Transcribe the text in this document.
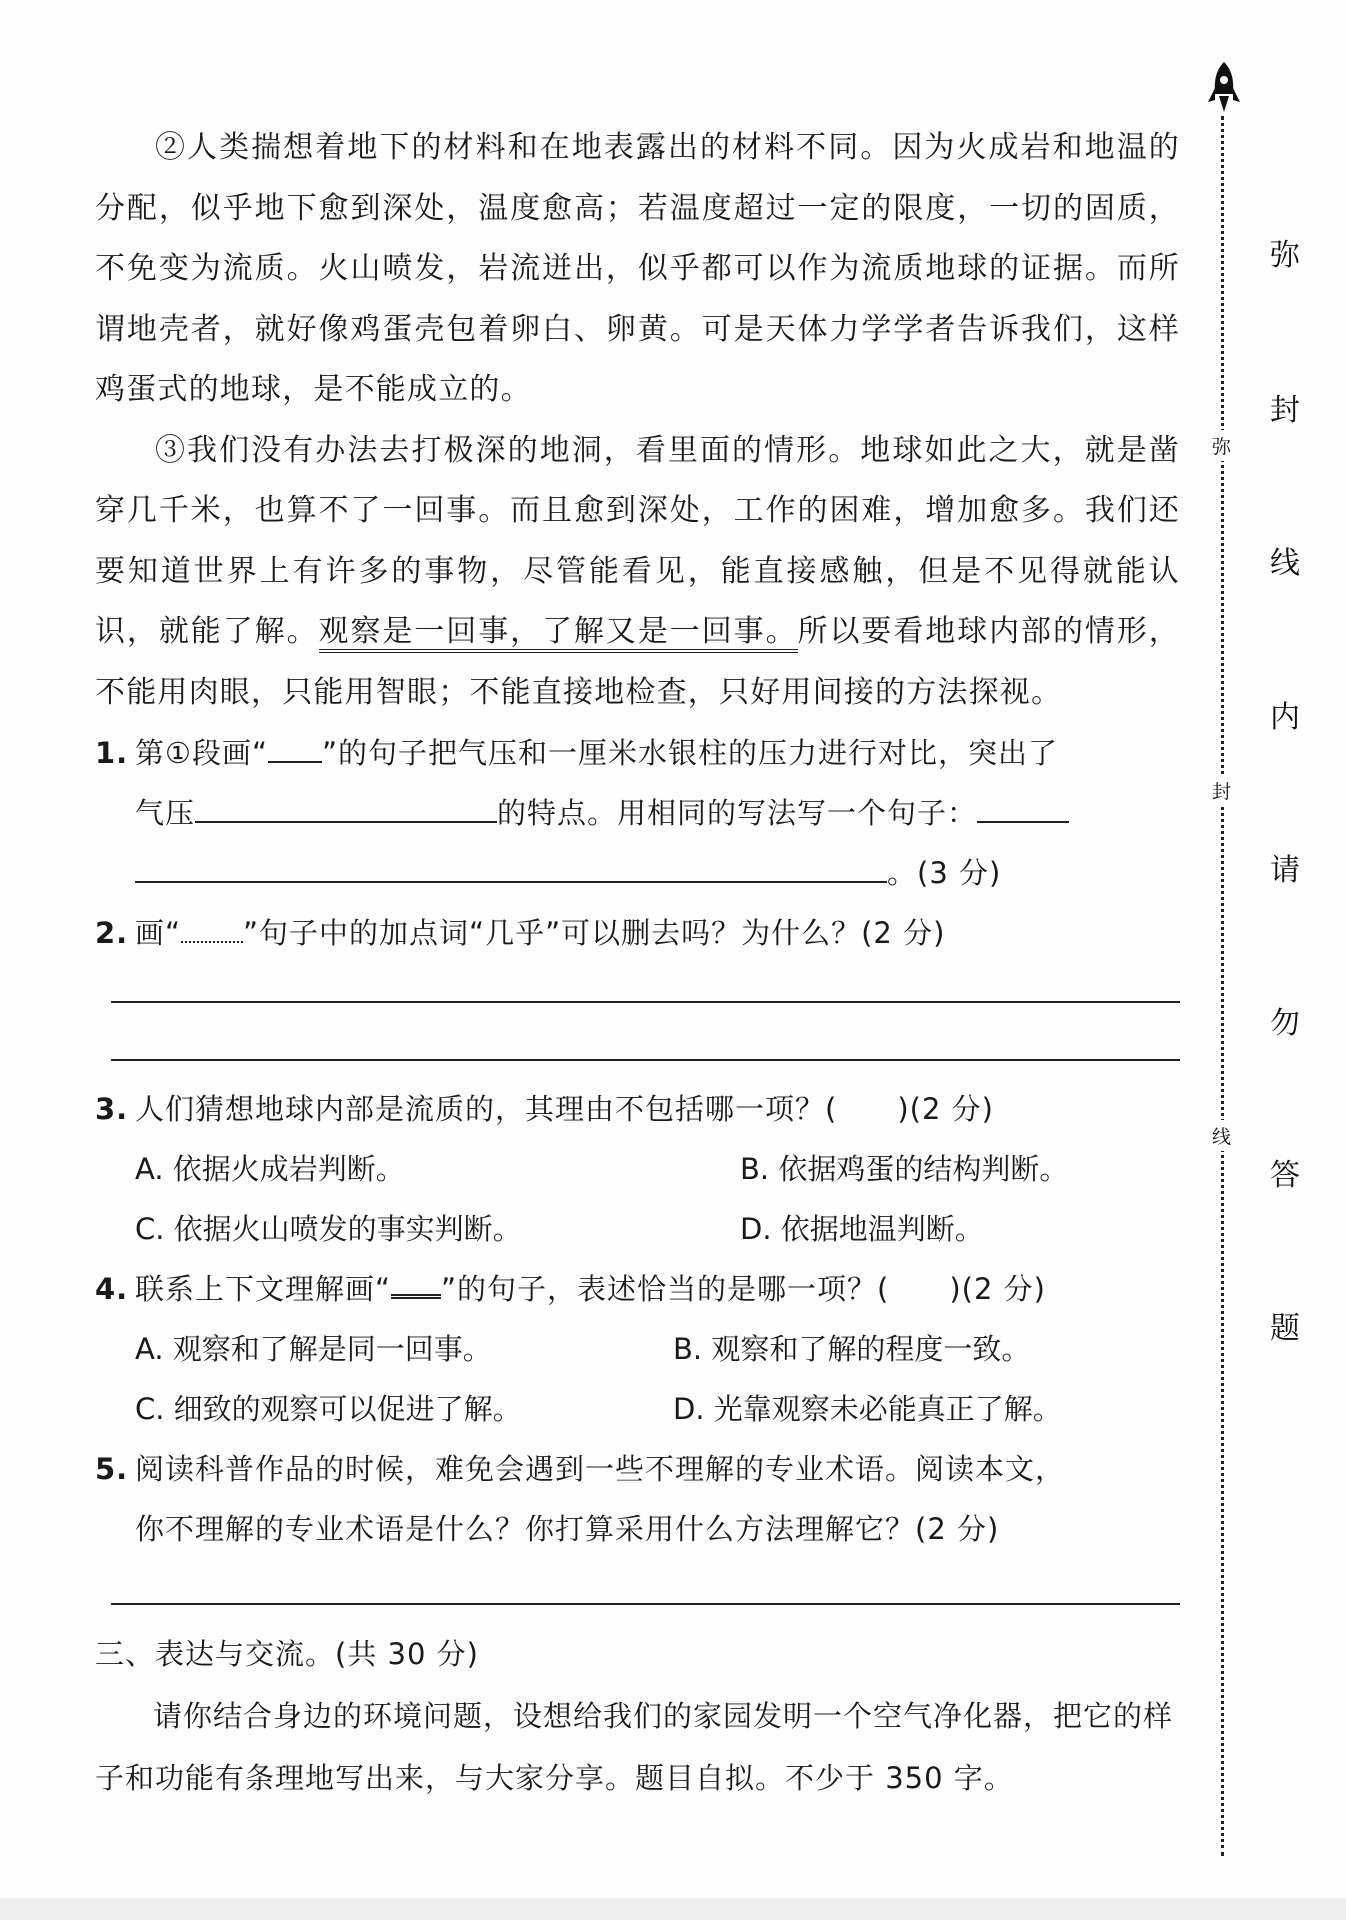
②人类揣想着地下的材料和在地表露出的材料不同。因为火成岩和地温的分配，似乎地下愈到深处，温度愈高；若温度超过一定的限度，一切的固质，不免变为流质。火山喷发，岩流迸出，似乎都可以作为流质地球的证据。而所谓地壳者，就好像鸡蛋壳包着卵白、卵黄。可是天体力学学者告诉我们，这样鸡蛋式的地球，是不能成立的。

③我们没有办法去打极深的地洞，看里面的情形。地球如此之大，就是凿穿几千米，也算不了一回事。而且愈到深处，工作的困难，增加愈多。我们还要知道世界上有许多的事物，尽管能看见，能直接感触，但是不见得就能认识，就能了解。观察是一回事，了解又是一回事。所以要看地球内部的情形，不能用肉眼，只能用智眼；不能直接地检查，只好用间接的方法探视。

1. 第①段画“ ”的句子把气压和一厘米水银柱的压力进行对比，突出了
气压	的特点。用相同的写法写一个句子：
。(3 分)
2. 画“ ”句子中的加点词“几乎”可以删去吗？为什么？(2 分)
3. 人们猜想地球内部是流质的，其理由不包括哪一项？(　　)(2 分)
A. 依据火成岩判断。	B. 依据鸡蛋的结构判断。
C. 依据火山喷发的事实判断。	D. 依据地温判断。
4. 联系上下文理解画“ ”的句子，表述恰当的是哪一项？(　　)(2 分)
A. 观察和了解是同一回事。	B. 观察和了解的程度一致。
C. 细致的观察可以促进了解。	D. 光靠观察未必能真正了解。
5. 阅读科普作品的时候，难免会遇到一些不理解的专业术语。阅读本文，
你不理解的专业术语是什么？你打算采用什么方法理解它？(2 分)
三、表达与交流。(共 30 分)

请你结合身边的环境问题，设想给我们的家园发明一个空气净化器，把它的样子和功能有条理地写出来，与大家分享。题目自拟。不少于 350 字。

弥
封
线
弥
封
线
内
请
勿
答
题
